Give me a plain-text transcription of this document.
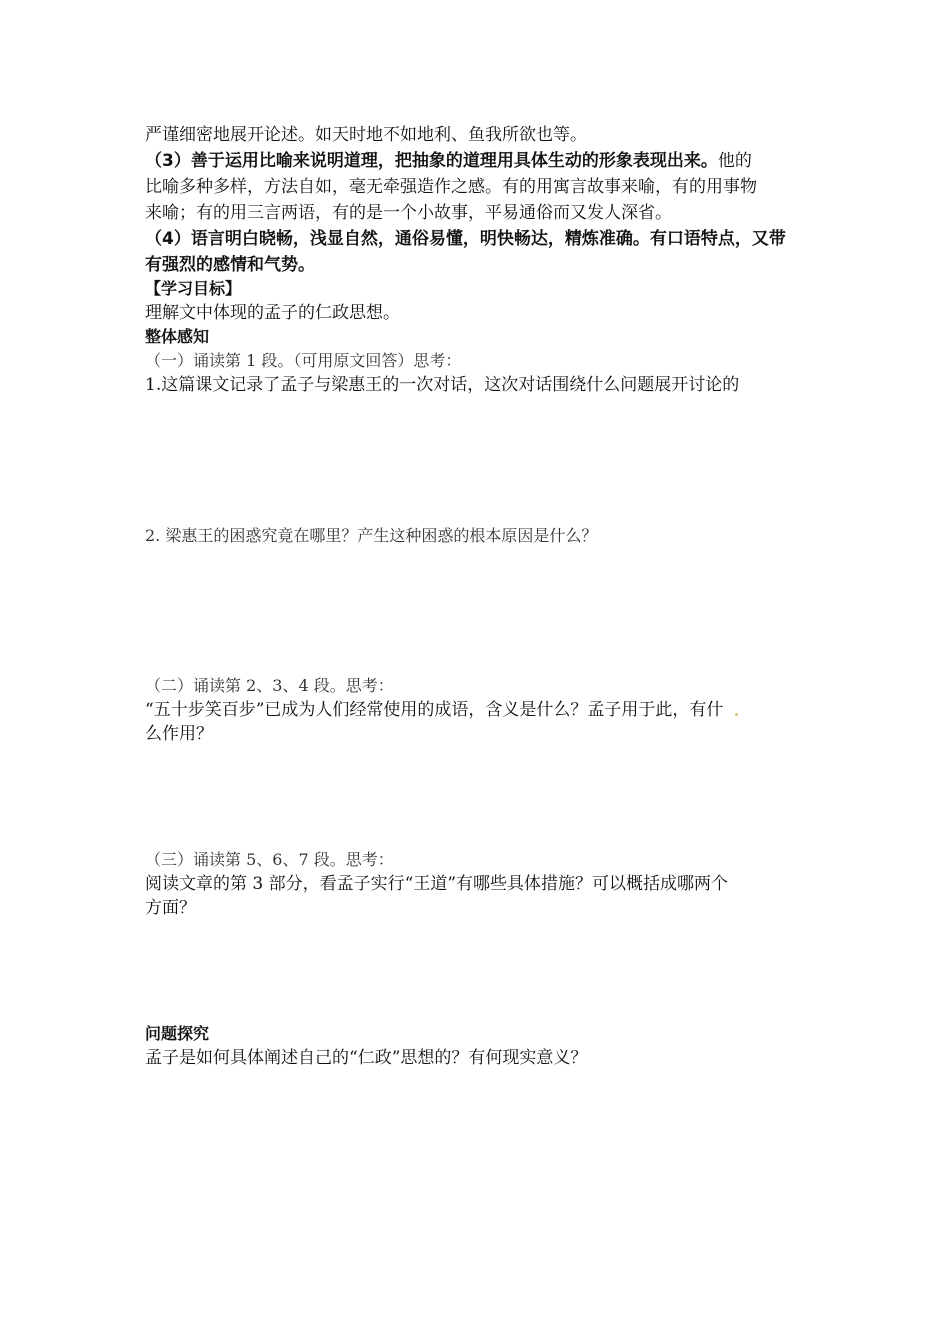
严谨细密地展开论述。如天时地不如地利、鱼我所欲也等。
（3）善于运用比喻来说明道理，把抽象的道理用具体生动的形象表现出来。他的
比喻多种多样，方法自如，毫无牵强造作之感。有的用寓言故事来喻，有的用事物
来喻；有的用三言两语，有的是一个小故事，平易通俗而又发人深省。
（4）语言明白晓畅，浅显自然，通俗易懂，明快畅达，精炼准确。有口语特点，又带
有强烈的感情和气势。
【学习目标】
理解文中体现的孟子的仁政思想。
整体感知
（一）诵读第 1 段。（可用原文回答）思考：
1.这篇课文记录了孟子与梁惠王的一次对话，这次对话围绕什么问题展开讨论的
2. 梁惠王的困惑究竟在哪里？产生这种困惑的根本原因是什么？
（二）诵读第 2、3、4 段。思考：
“五十步笑百步”已成为人们经常使用的成语，含义是什么？孟子用于此，有什
么作用？
（三）诵读第 5、6、7 段。思考：
阅读文章的第 3 部分，看孟子实行“王道”有哪些具体措施？可以概括成哪两个
方面？
问题探究
孟子是如何具体阐述自己的“仁政”思想的？有何现实意义？
